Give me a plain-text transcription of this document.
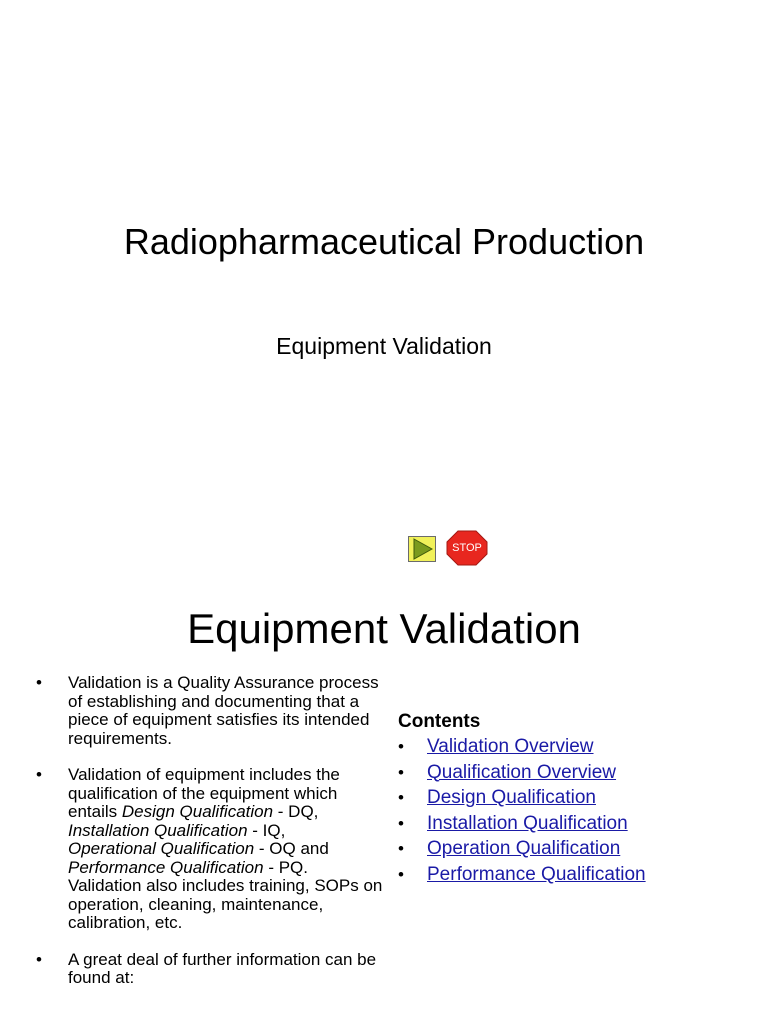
Radiopharmaceutical Production
Equipment Validation
STOP
Equipment Validation
• Validation is a Quality Assurance process of establishing and documenting that a piece of equipment satisfies its intended requirements.
• Validation of equipment includes the qualification of the equipment which entails Design Qualification - DQ,
Installation Qualification - IQ,
Operational Qualification - OQ and
Performance Qualification - PQ. Validation also includes training, SOPs on operation, cleaning, maintenance, calibration, etc.
• A great deal of further information can be found at:
Contents
• Validation Overview
• Qualification Overview
• Design Qualification
• Installation Qualification
• Operation Qualification
• Performance Qualification
